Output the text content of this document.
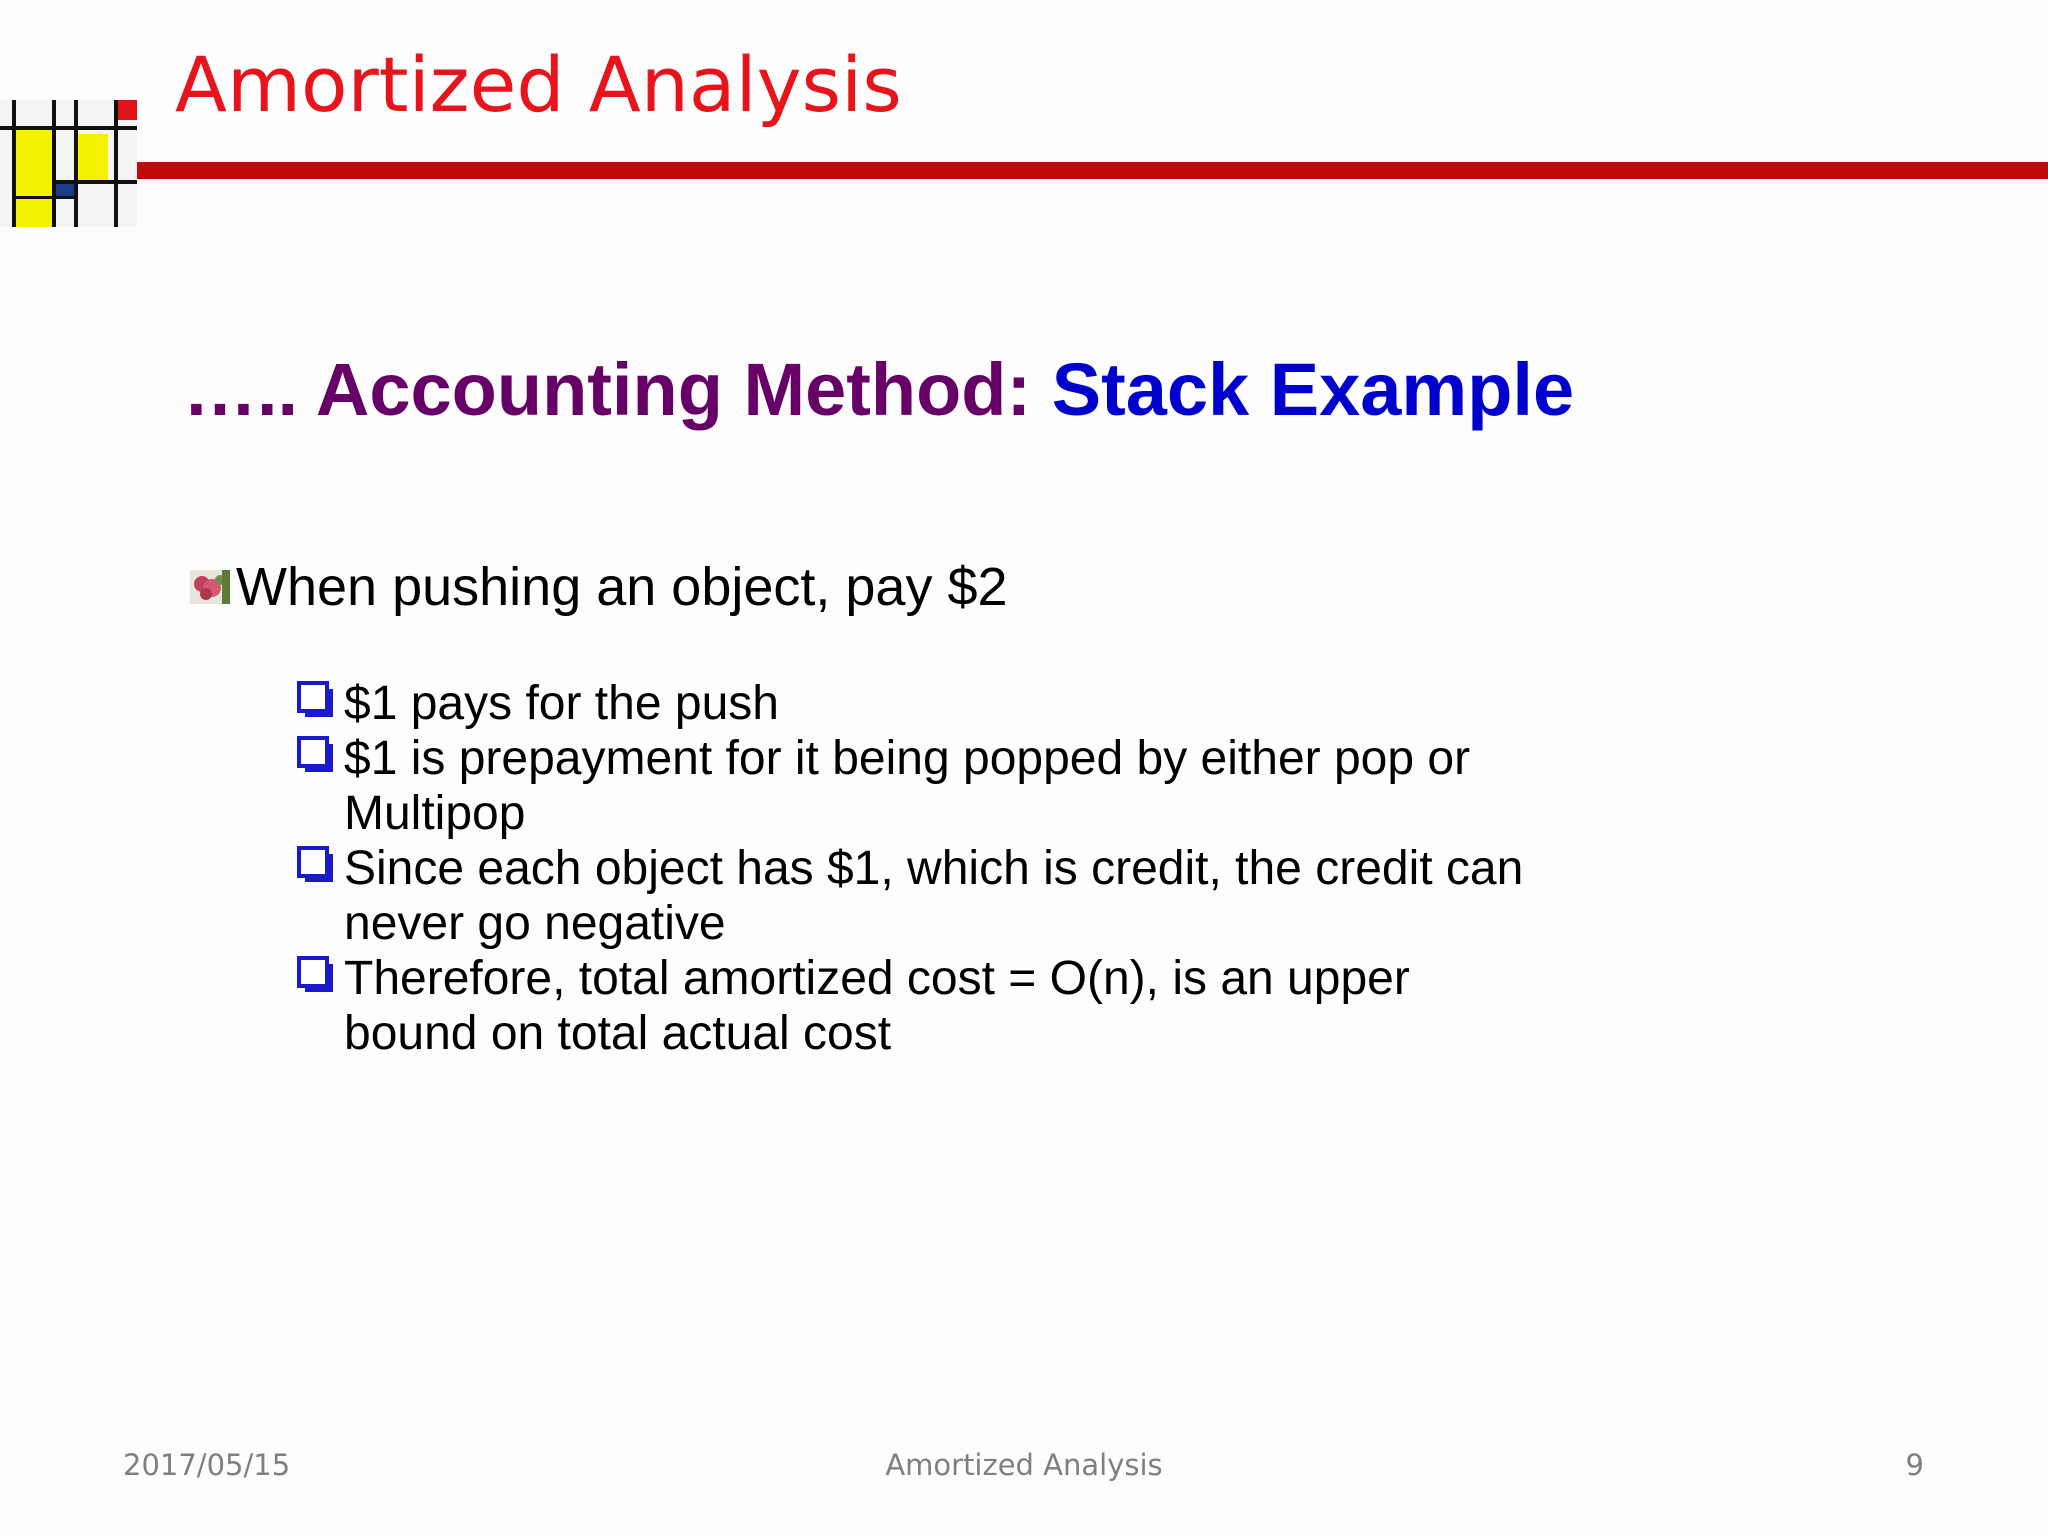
Amortized Analysis
….. Accounting Method: Stack Example
When pushing an object, pay $2
$1 pays for the push
$1 is prepayment for it being popped by either pop or Multipop
Since each object has $1, which is credit, the credit can never go negative
Therefore, total amortized cost = O(n), is an upper bound on total actual cost
2017/05/15	Amortized Analysis	9
